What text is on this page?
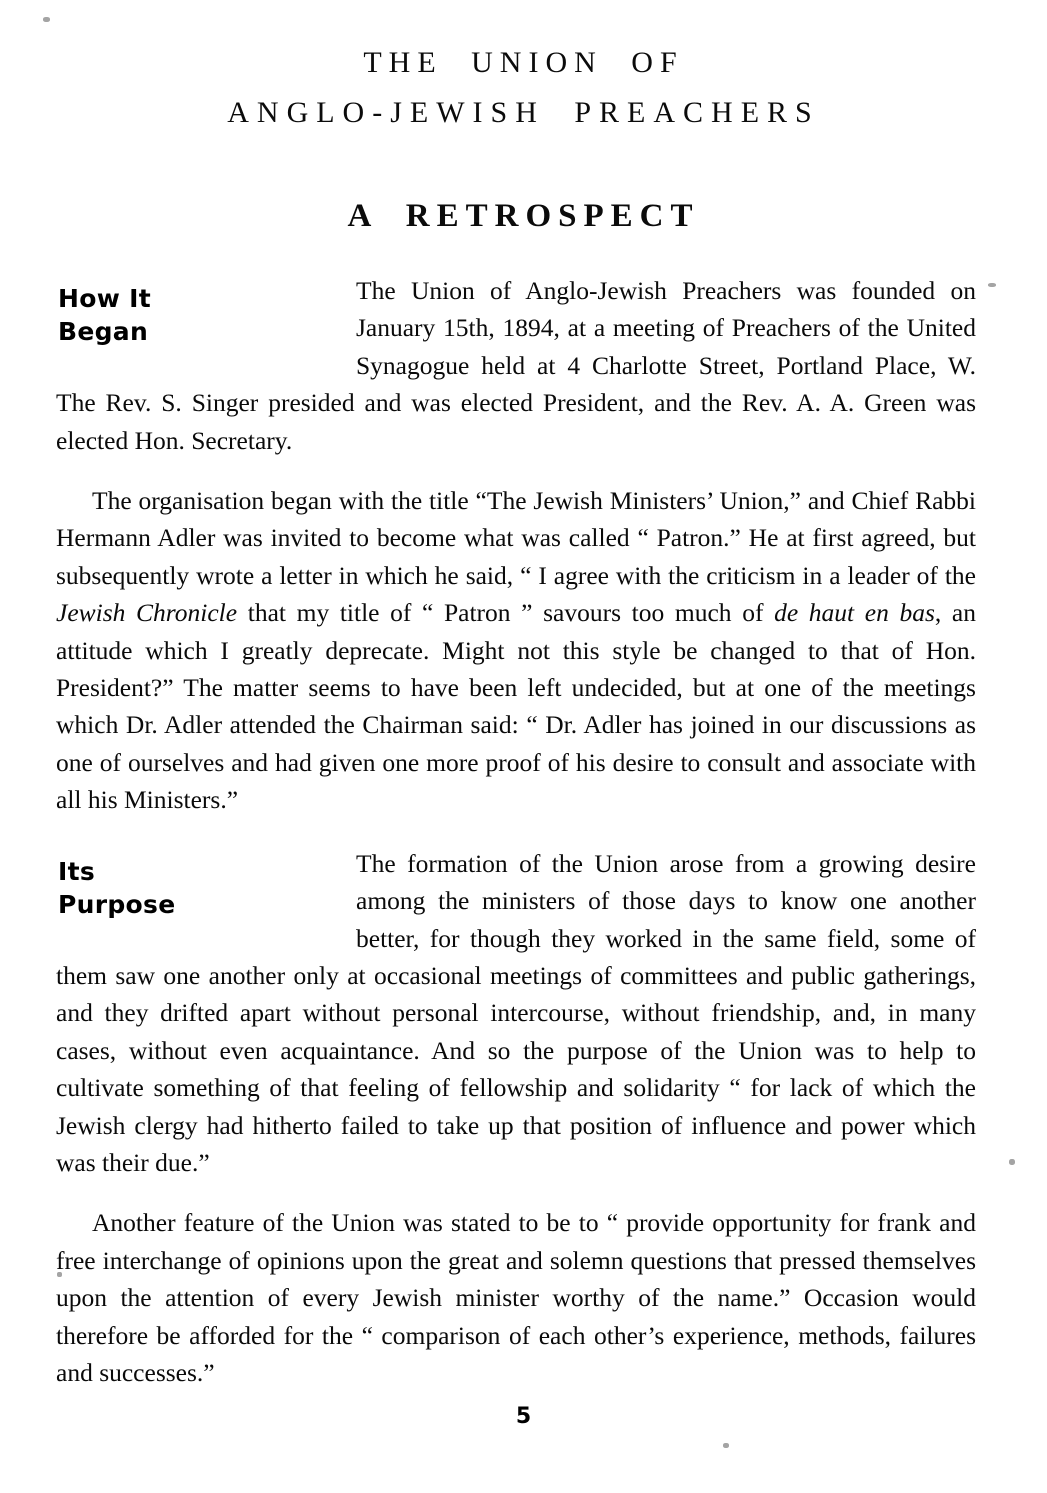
THE UNION OF
ANGLO-JEWISH PREACHERS
A RETROSPECT
How It
Began

The Union of Anglo-Jewish Preachers was founded on January 15th, 1894, at a meeting of Preachers of the United Synagogue held at 4 Charlotte Street, Portland Place, W. The Rev. S. Singer presided and was elected President, and the Rev. A. A. Green was elected Hon. Secretary.

The organisation began with the title “The Jewish Ministers’ Union,” and Chief Rabbi Hermann Adler was invited to become what was called “ Patron.” He at first agreed, but subsequently wrote a letter in which he said, “ I agree with the criticism in a leader of the Jewish Chronicle that my title of “ Patron ” savours too much of de haut en bas, an attitude which I greatly deprecate. Might not this style be changed to that of Hon. President?” The matter seems to have been left undecided, but at one of the meetings which Dr. Adler attended the Chairman said: “ Dr. Adler has joined in our discussions as one of ourselves and had given one more proof of his desire to consult and associate with all his Ministers.”

Its
Purpose

The formation of the Union arose from a growing desire among the ministers of those days to know one another better, for though they worked in the same field, some of them saw one another only at occasional meetings of committees and public gatherings, and they drifted apart without personal intercourse, without friendship, and, in many cases, without even acquaintance. And so the purpose of the Union was to help to cultivate something of that feeling of fellowship and solidarity “ for lack of which the Jewish clergy had hitherto failed to take up that position of influence and power which was their due.”

Another feature of the Union was stated to be to “ provide opportunity for frank and free interchange of opinions upon the great and solemn questions that pressed themselves upon the attention of every Jewish minister worthy of the name.” Occasion would therefore be afforded for the “ comparison of each other’s experience, methods, failures and successes.”

5
